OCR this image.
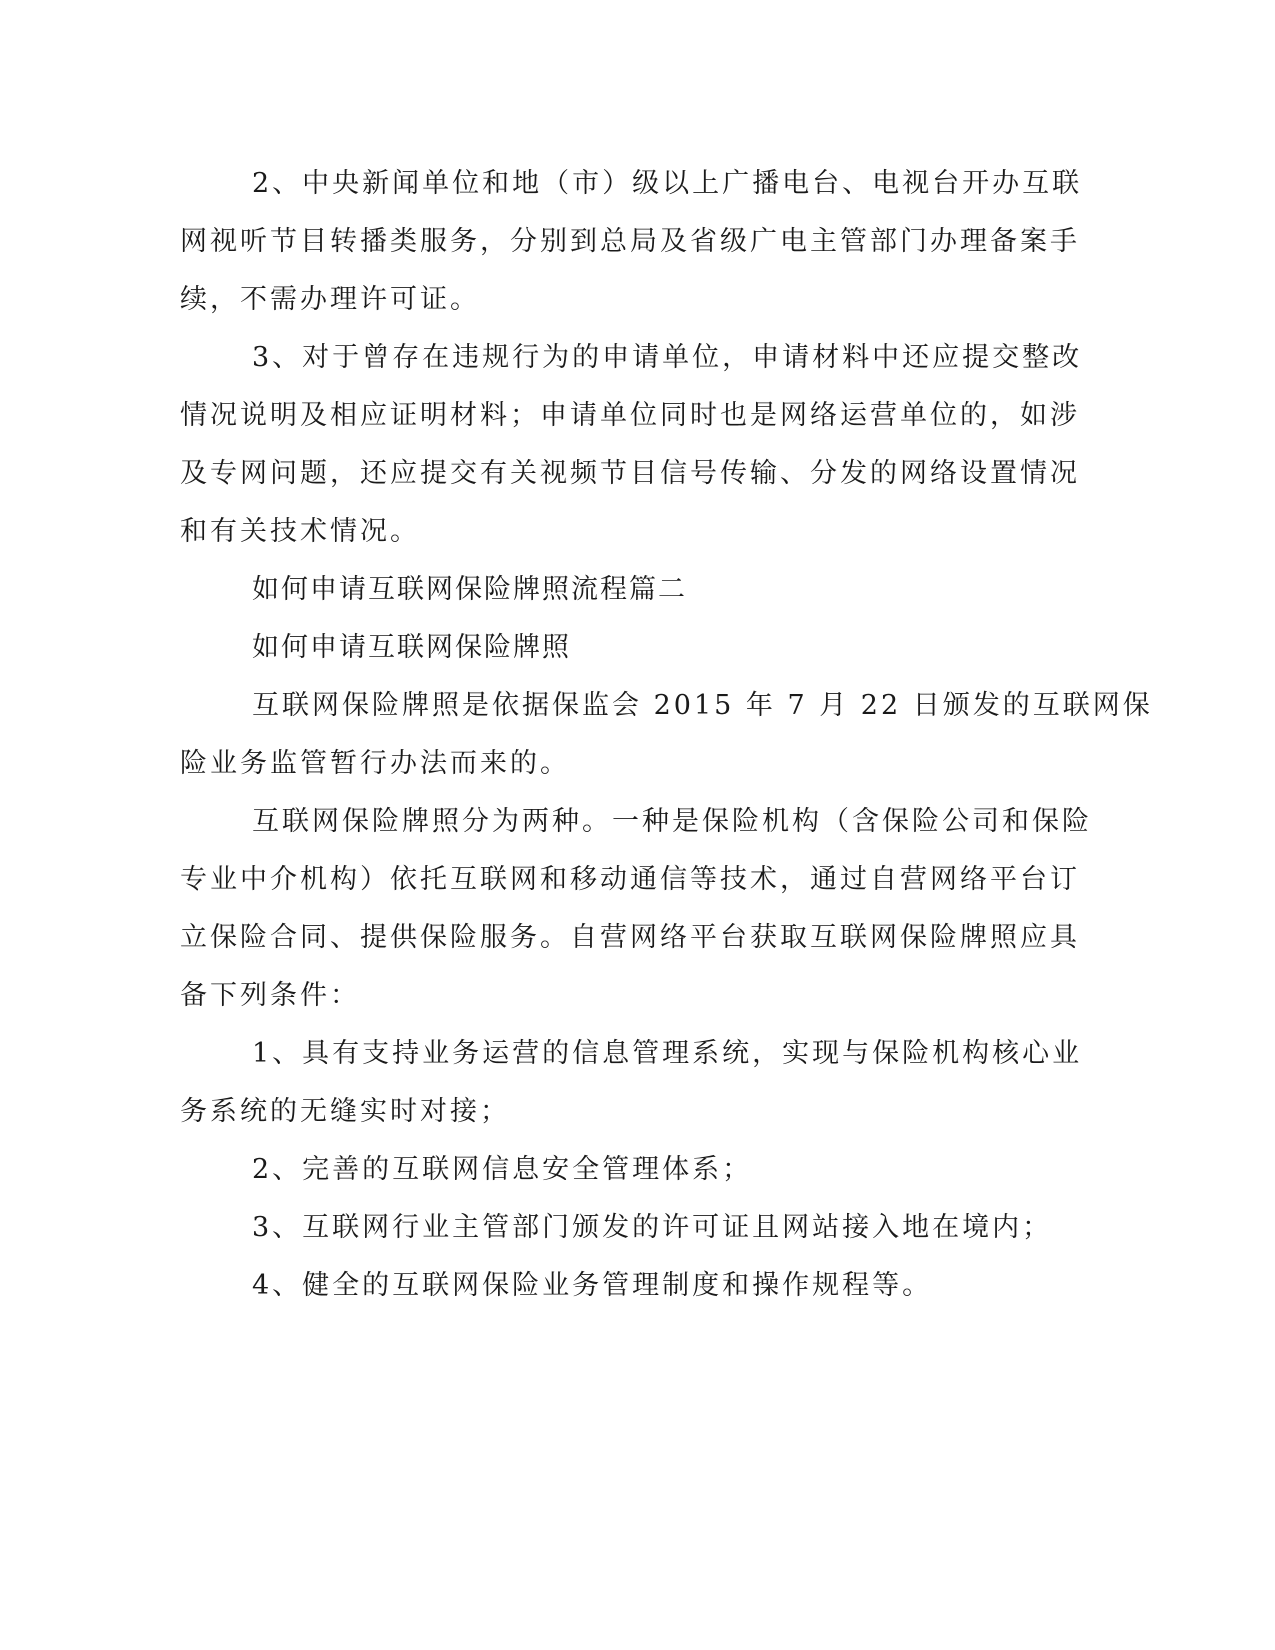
2、中央新闻单位和地（市）级以上广播电台、电视台开办互联
网视听节目转播类服务，分别到总局及省级广电主管部门办理备案手
续，不需办理许可证。

3、对于曾存在违规行为的申请单位，申请材料中还应提交整改
情况说明及相应证明材料；申请单位同时也是网络运营单位的，如涉
及专网问题，还应提交有关视频节目信号传输、分发的网络设置情况
和有关技术情况。

如何申请互联网保险牌照流程篇二

如何申请互联网保险牌照

互联网保险牌照是依据保监会 2015 年 7 月 22 日颁发的互联网保
险业务监管暂行办法而来的。

互联网保险牌照分为两种。一种是保险机构（含保险公司和保险
专业中介机构）依托互联网和移动通信等技术，通过自营网络平台订
立保险合同、提供保险服务。自营网络平台获取互联网保险牌照应具
备下列条件：

1、具有支持业务运营的信息管理系统，实现与保险机构核心业
务系统的无缝实时对接；

2、完善的互联网信息安全管理体系；

3、互联网行业主管部门颁发的许可证且网站接入地在境内；

4、健全的互联网保险业务管理制度和操作规程等。
